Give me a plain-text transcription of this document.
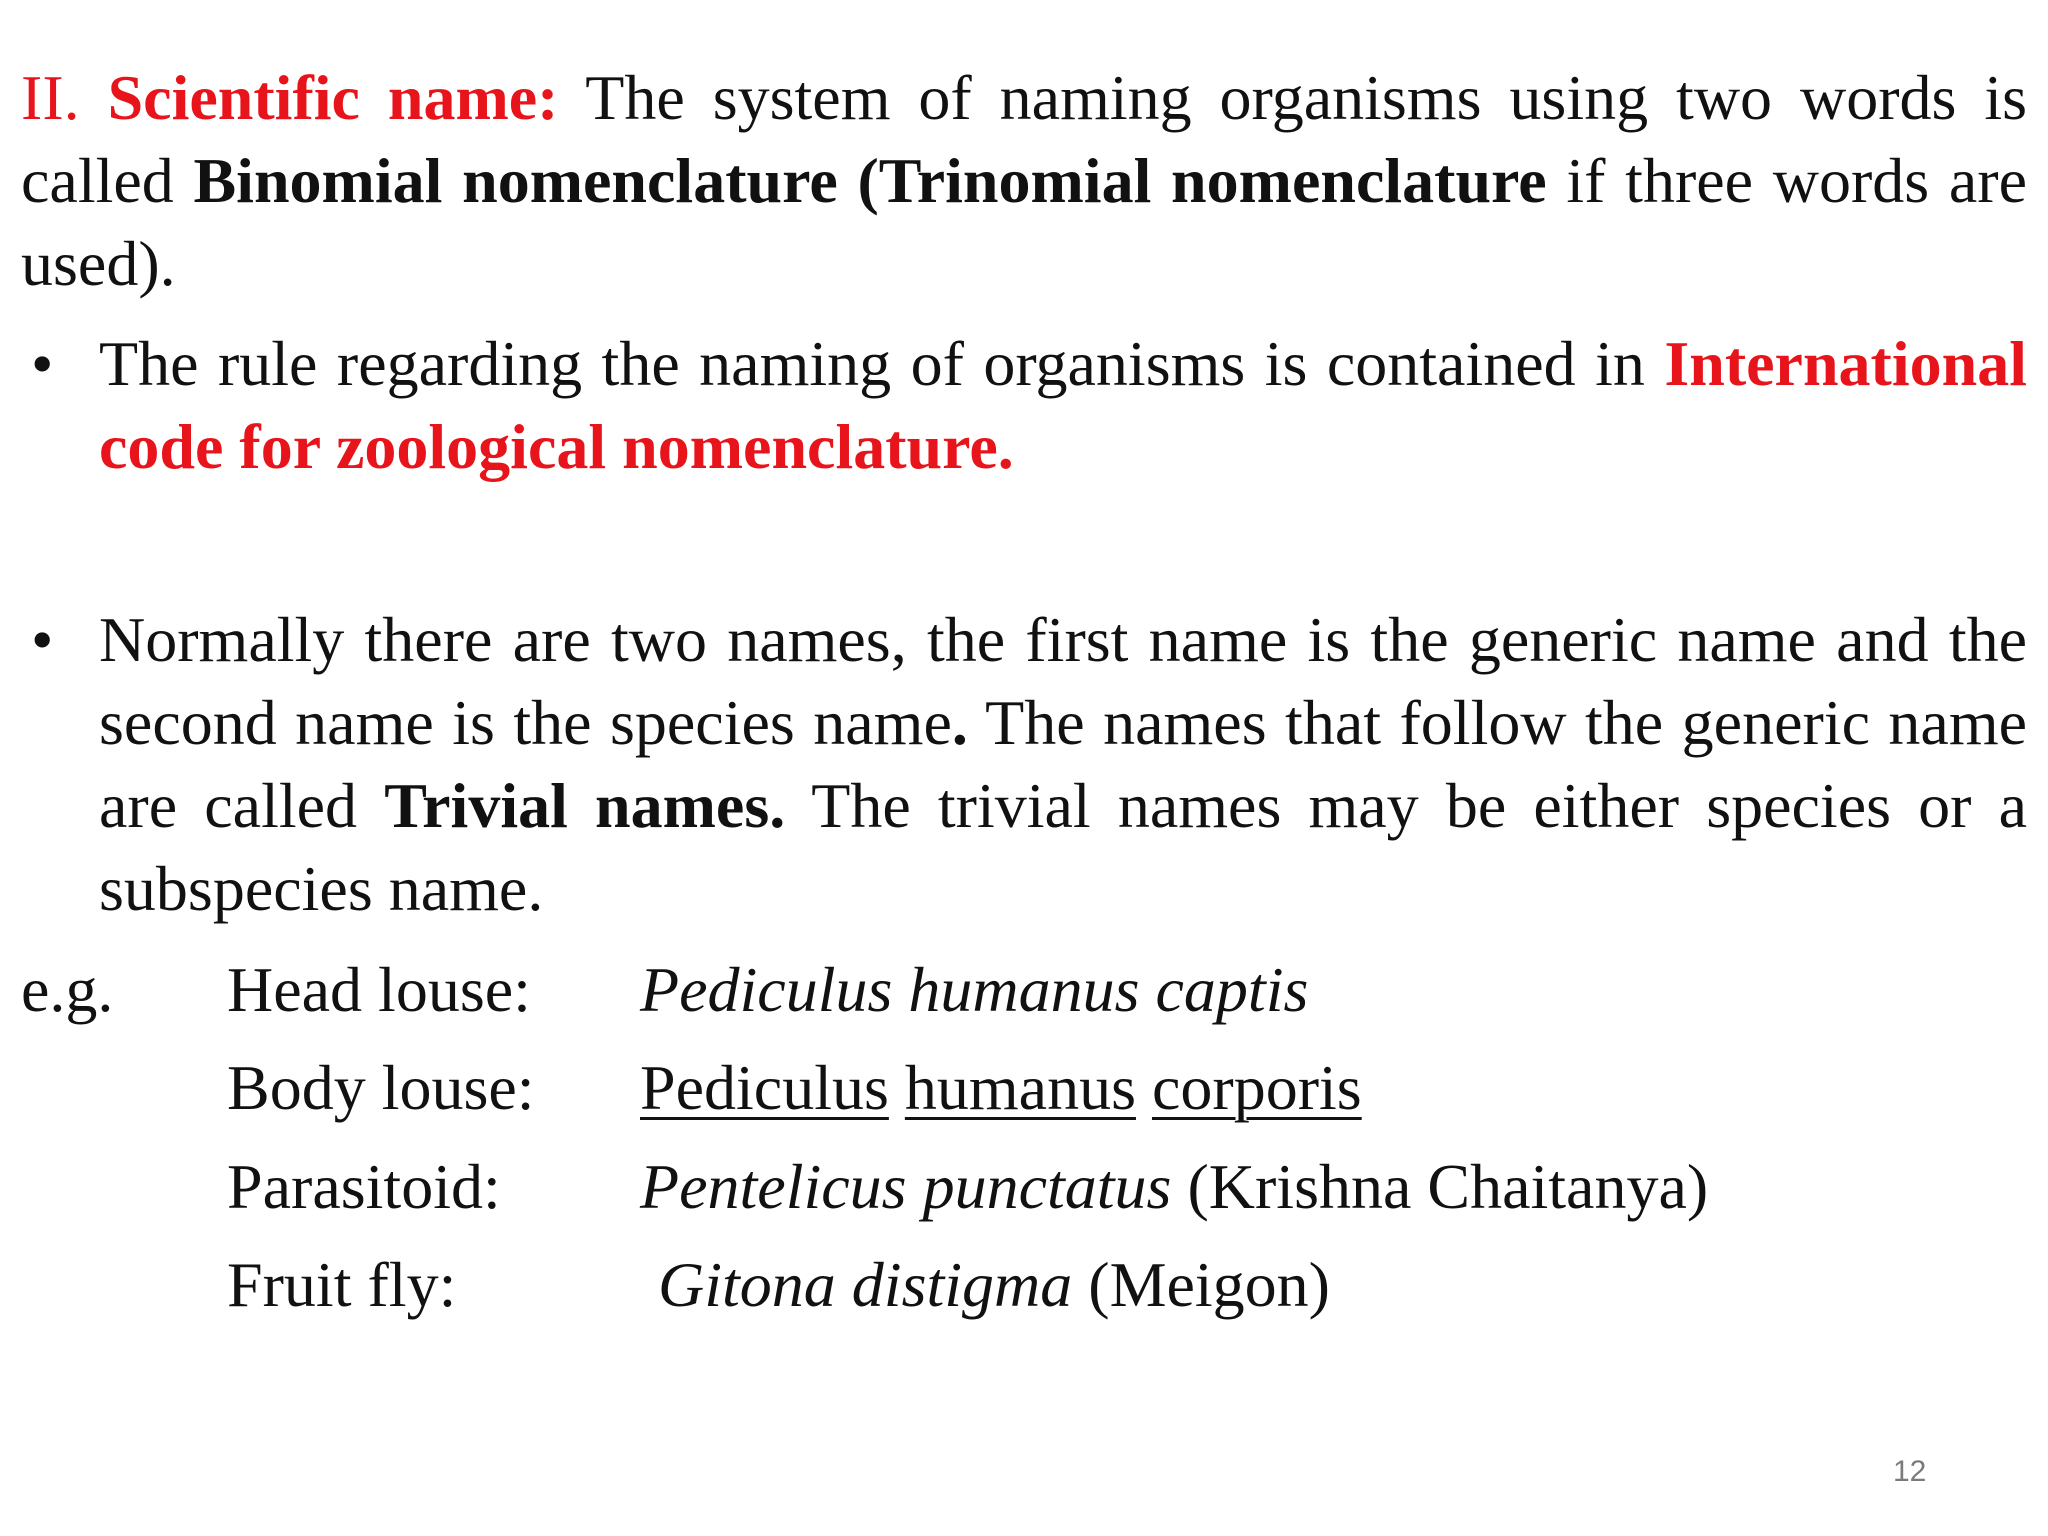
II. Scientific name: The system of naming organisms using two words is called Binomial nomenclature (Trinomial nomenclature if three words are used).
• The rule regarding the naming of organisms is contained in International code for zoological nomenclature.
• Normally there are two names, the first name is the generic name and the second name is the species name. The names that follow the generic name are called Trivial names. The trivial names may be either species or a subspecies name.
e.g. Head louse: Pediculus humanus captis
Body louse: Pediculus humanus corporis
Parasitoid: Pentelicus punctatus (Krishna Chaitanya)
Fruit fly:	Gitona distigma (Meigon)
12
